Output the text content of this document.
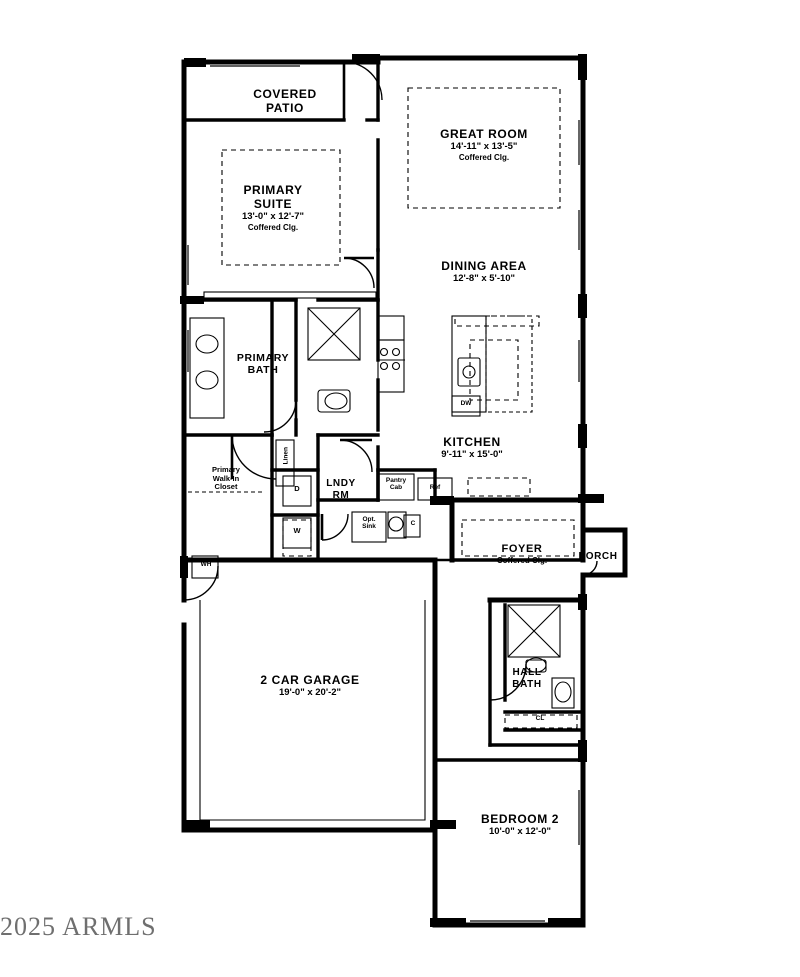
COVERED
PATIO
GREAT ROOM
14'-11" x 13'-5"
Coffered Clg.
PRIMARY
SUITE
13'-0" x 12'-7"
Coffered Clg.
DINING AREA
12'-8" x 5'-10"
PRIMARY
BATH
KITCHEN
9'-11" x 15'-0"
Primary
Walk-In
Closet	LNDY
RM
FOYER
Coffered Clg.	PORCH
2 CAR GARAGE
19'-0" x 20'-2"
HALL
BATH
BEDROOM 2
10'-0" x 12'-0"
Linen
D
W
Pantry
Cab	Ref
DW
Opt.
Sink
WH
CL
C
2025 ARMLS
